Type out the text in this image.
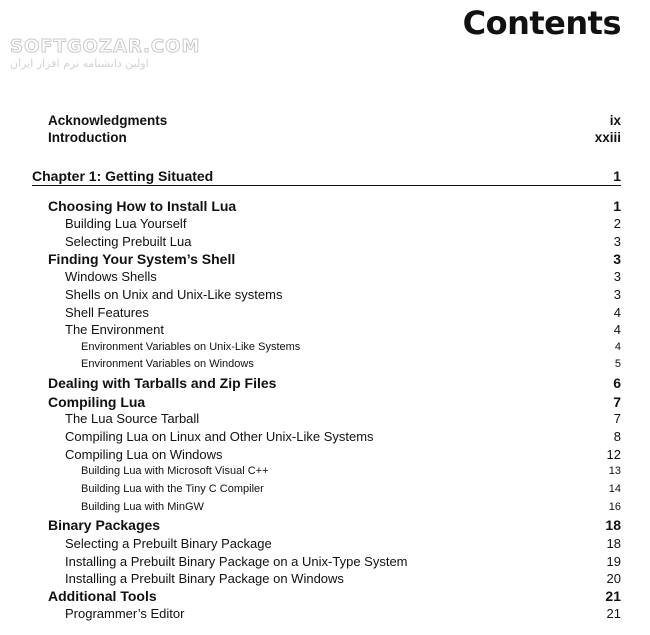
SOFTGOZAR.COM
اولین دانشنامه نرم افزار ایران
Contents
Acknowledgments	ix
Introduction	xxiii
Chapter 1: Getting Situated	1
Choosing How to Install Lua	1
Building Lua Yourself	2
Selecting Prebuilt Lua	3
Finding Your System’s Shell	3
Windows Shells	3
Shells on Unix and Unix-Like systems	3
Shell Features	4
The Environment	4
Environment Variables on Unix-Like Systems	4
Environment Variables on Windows	5
Dealing with Tarballs and Zip Files	6
Compiling Lua	7
The Lua Source Tarball	7
Compiling Lua on Linux and Other Unix-Like Systems	8
Compiling Lua on Windows	12
Building Lua with Microsoft Visual C++	13
Building Lua with the Tiny C Compiler	14
Building Lua with MinGW	16
Binary Packages	18
Selecting a Prebuilt Binary Package	18
Installing a Prebuilt Binary Package on a Unix-Type System	19
Installing a Prebuilt Binary Package on Windows	20
Additional Tools	21
Programmer’s Editor	21
